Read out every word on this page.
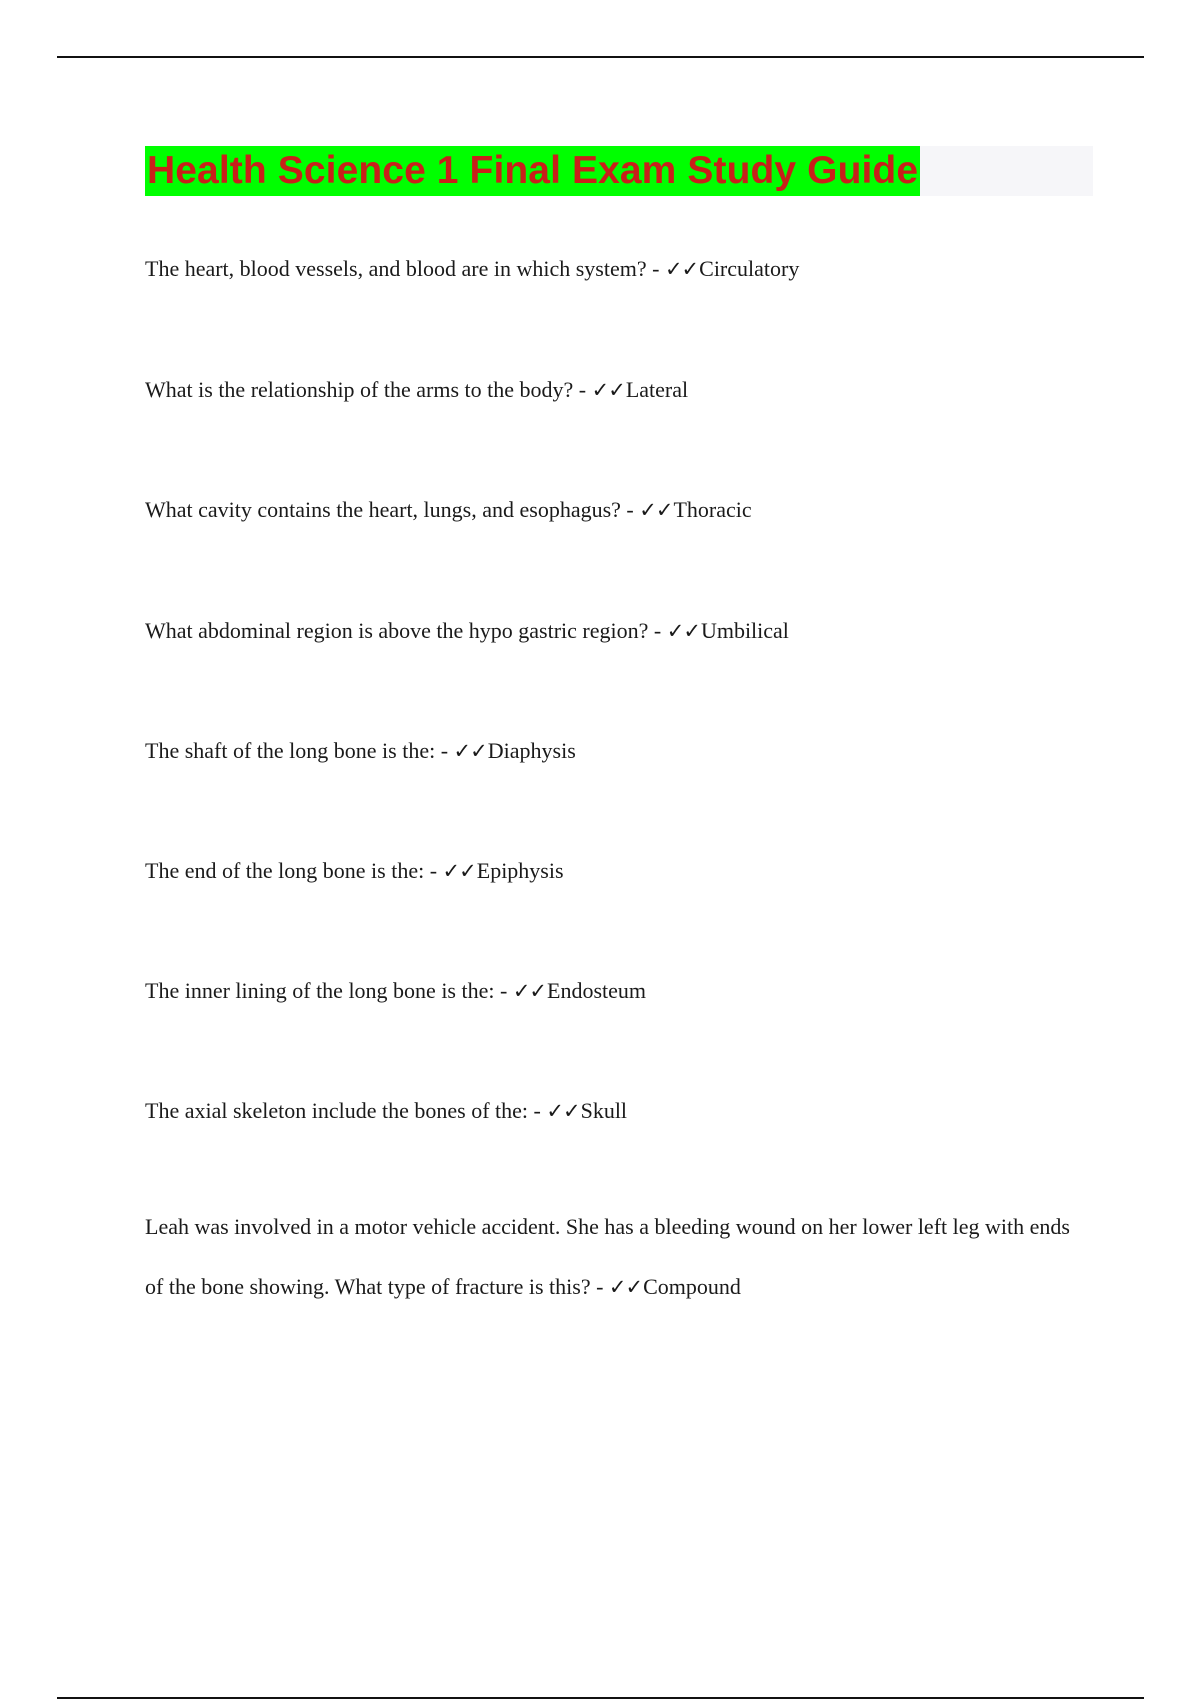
Health Science 1 Final Exam Study Guide

The heart, blood vessels, and blood are in which system? - ✓✓Circulatory

What is the relationship of the arms to the body? - ✓✓Lateral

What cavity contains the heart, lungs, and esophagus? - ✓✓Thoracic

What abdominal region is above the hypo gastric region? - ✓✓Umbilical

The shaft of the long bone is the: - ✓✓Diaphysis

The end of the long bone is the: - ✓✓Epiphysis

The inner lining of the long bone is the: - ✓✓Endosteum

The axial skeleton include the bones of the: - ✓✓Skull

Leah was involved in a motor vehicle accident. She has a bleeding wound on her lower left leg with ends of the bone showing. What type of fracture is this? - ✓✓Compound
